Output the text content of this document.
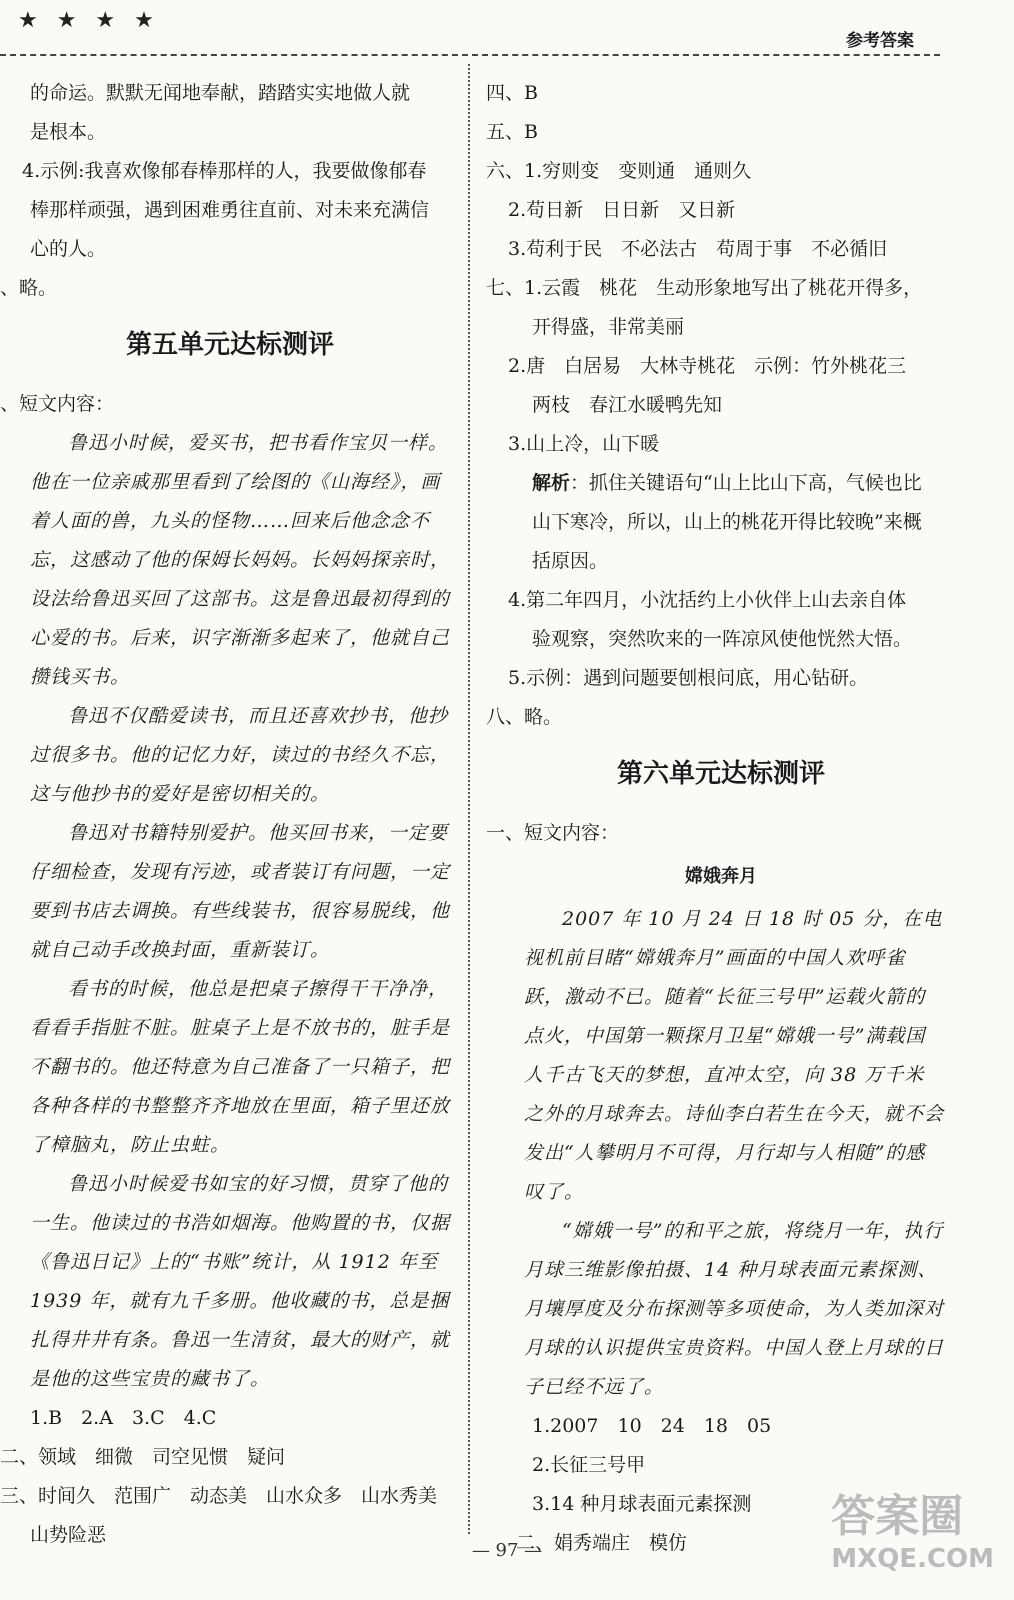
★ ★ ★ ★
参考答案
的命运。默默无闻地奉献，踏踏实实地做人就
是根本。
4.示例:我喜欢像郁春棒那样的人，我要做像郁春
棒那样顽强，遇到困难勇往直前、对未来充满信
心的人。
、略。
第五单元达标测评
、短文内容：

鲁迅小时候，爱买书，把书看作宝贝一样。他在一位亲戚那里看到了绘图的《山海经》，画着人面的兽，九头的怪物……回来后他念念不忘，这感动了他的保姆长妈妈。长妈妈探亲时，设法给鲁迅买回了这部书。这是鲁迅最初得到的心爱的书。后来，识字渐渐多起来了，他就自己攒钱买书。

鲁迅不仅酷爱读书，而且还喜欢抄书，他抄过很多书。他的记忆力好，读过的书经久不忘，这与他抄书的爱好是密切相关的。

鲁迅对书籍特别爱护。他买回书来，一定要仔细检查，发现有污迹，或者装订有问题，一定要到书店去调换。有些线装书，很容易脱线，他就自己动手改换封面，重新装订。

看书的时候，他总是把桌子擦得干干净净，看看手指脏不脏。脏桌子上是不放书的，脏手是不翻书的。他还特意为自己准备了一只箱子，把各种各样的书整整齐齐地放在里面，箱子里还放了樟脑丸，防止虫蛀。

鲁迅小时候爱书如宝的好习惯，贯穿了他的一生。他读过的书浩如烟海。他购置的书，仅据《鲁迅日记》上的“书账”统计，从 1912 年至 1939 年，就有九千多册。他收藏的书，总是捆扎得井井有条。鲁迅一生清贫，最大的财产，就是他的这些宝贵的藏书了。

1.B　2.A　3.C　4.C
二、领域　细微　司空见惯　疑问
三、时间久　范围广　动态美　山水众多　山水秀美
山势险恶
四、B
五、B
六、1.穷则变　变则通　通则久
2.苟日新　日日新　又日新
3.苟利于民　不必法古　苟周于事　不必循旧
七、1.云霞　桃花　生动形象地写出了桃花开得多，
开得盛，非常美丽
2.唐　白居易　大林寺桃花　示例：竹外桃花三
两枝　春江水暖鸭先知
3.山上冷，山下暖
解析：抓住关键语句“山上比山下高，气候也比
山下寒冷，所以，山上的桃花开得比较晚”来概
括原因。
4.第二年四月，小沈括约上小伙伴上山去亲自体
验观察，突然吹来的一阵凉风使他恍然大悟。
5.示例：遇到问题要刨根问底，用心钻研。
八、略。
第六单元达标测评
一、短文内容：
嫦娥奔月

2007 年 10 月 24 日 18 时 05 分，在电视机前目睹“嫦娥奔月”画面的中国人欢呼雀跃，激动不已。随着“长征三号甲”运载火箭的点火，中国第一颗探月卫星“嫦娥一号”满载国人千古飞天的梦想，直冲太空，向 38 万千米之外的月球奔去。诗仙李白若生在今天，就不会发出“人攀明月不可得，月行却与人相随”的感叹了。

“嫦娥一号”的和平之旅，将绕月一年，执行月球三维影像拍摄、14 种月球表面元素探测、月壤厚度及分布探测等多项使命，为人类加深对月球的认识提供宝贵资料。中国人登上月球的日子已经不远了。

1.2007　10　24　18　05
2.长征三号甲
3.14 种月球表面元素探测
二、娟秀端庄　模仿
— 97 —
答案圈
MXQE.COM
